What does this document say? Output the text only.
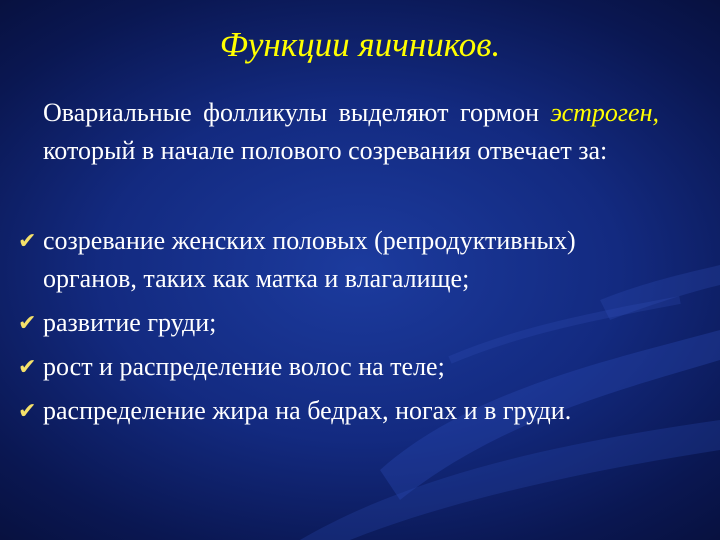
Функции яичников.
Овариальные фолликулы выделяют гормон эстроген, который в начале полового созревания отвечает за:
✔ созревание женских половых (репродуктивных) органов, таких как матка и влагалище;
✔ развитие груди;
✔ рост и распределение волос на теле;
✔ распределение жира на бедрах, ногах и в груди.
